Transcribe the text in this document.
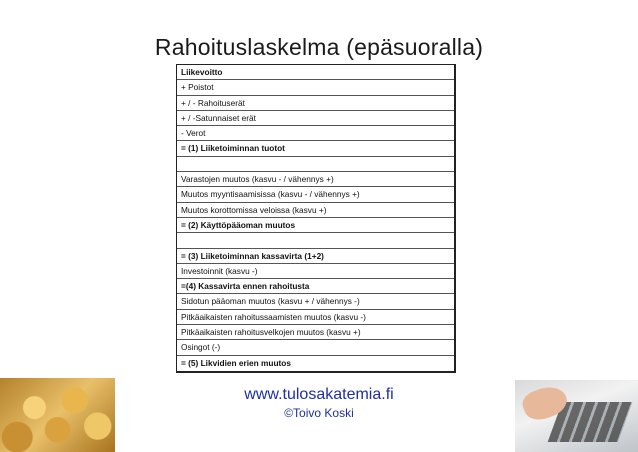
Rahoituslaskelma (epäsuoralla)
Liikevoitto
+ Poistot
+ / - Rahoituserät
+ / -Satunnaiset erät
- Verot
= (1) Liiketoiminnan tuotot
Varastojen muutos (kasvu - / vähennys +)
Muutos myyntisaamisissa (kasvu - / vähennys +)
Muutos korottomissa veloissa (kasvu +)
= (2) Käyttöpääoman muutos
= (3) Liiketoiminnan kassavirta (1+2)
Investoinnit (kasvu -)
=(4) Kassavirta ennen rahoitusta
Sidotun pääoman muutos (kasvu + / vähennys -)
Pitkäaikaisten rahoitussaamisten muutos (kasvu -)
Pitkäaikaisten rahoitusvelkojen muutos (kasvu +)
Osingot (-)
= (5) Likvidien erien muutos
www.tulosakatemia.fi
©Toivo Koski
